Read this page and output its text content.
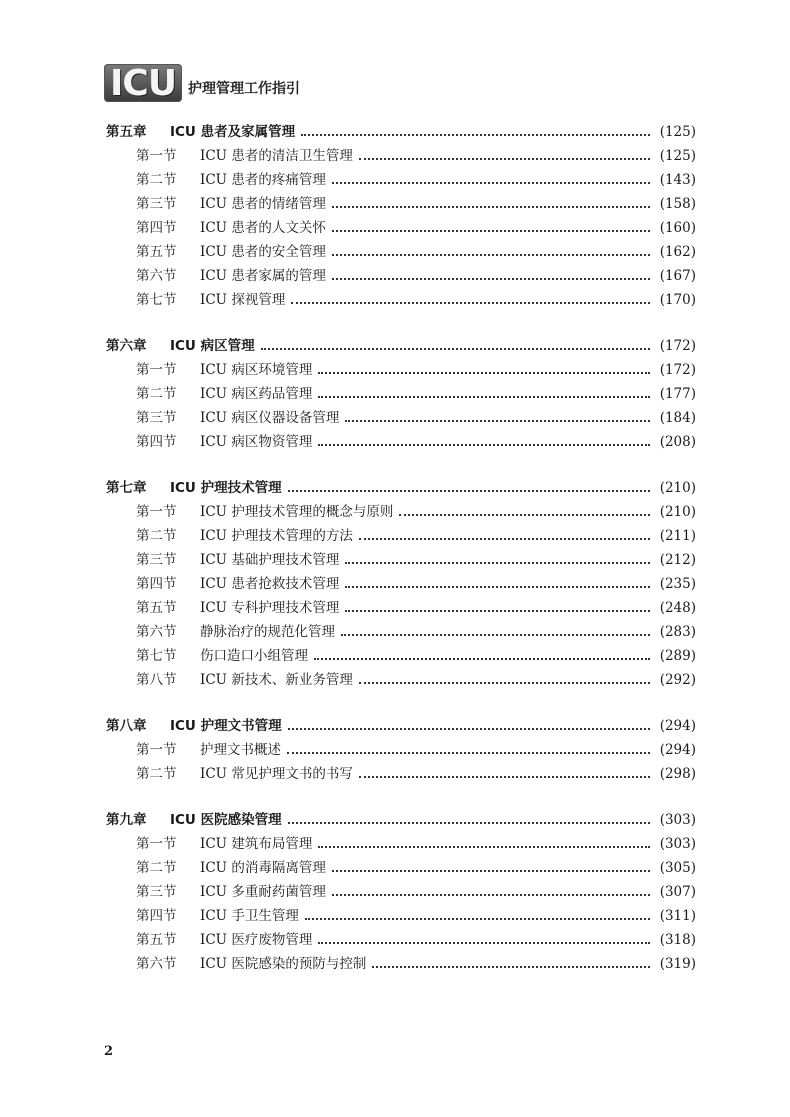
ICU 护理管理工作指引
第五章	ICU 患者及家属管理	(125)
第一节	ICU 患者的清洁卫生管理	(125)
第二节	ICU 患者的疼痛管理	(143)
第三节	ICU 患者的情绪管理	(158)
第四节	ICU 患者的人文关怀	(160)
第五节	ICU 患者的安全管理	(162)
第六节	ICU 患者家属的管理	(167)
第七节	ICU 探视管理	(170)
第六章	ICU 病区管理	(172)
第一节	ICU 病区环境管理	(172)
第二节	ICU 病区药品管理	(177)
第三节	ICU 病区仪器设备管理	(184)
第四节	ICU 病区物资管理	(208)
第七章	ICU 护理技术管理	(210)
第一节	ICU 护理技术管理的概念与原则	(210)
第二节	ICU 护理技术管理的方法	(211)
第三节	ICU 基础护理技术管理	(212)
第四节	ICU 患者抢救技术管理	(235)
第五节	ICU 专科护理技术管理	(248)
第六节	静脉治疗的规范化管理	(283)
第七节	伤口造口小组管理	(289)
第八节	ICU 新技术、新业务管理	(292)
第八章	ICU 护理文书管理	(294)
第一节	护理文书概述	(294)
第二节	ICU 常见护理文书的书写	(298)
第九章	ICU 医院感染管理	(303)
第一节	ICU 建筑布局管理	(303)
第二节	ICU 的消毒隔离管理	(305)
第三节	ICU 多重耐药菌管理	(307)
第四节	ICU 手卫生管理	(311)
第五节	ICU 医疗废物管理	(318)
第六节	ICU 医院感染的预防与控制	(319)
2
